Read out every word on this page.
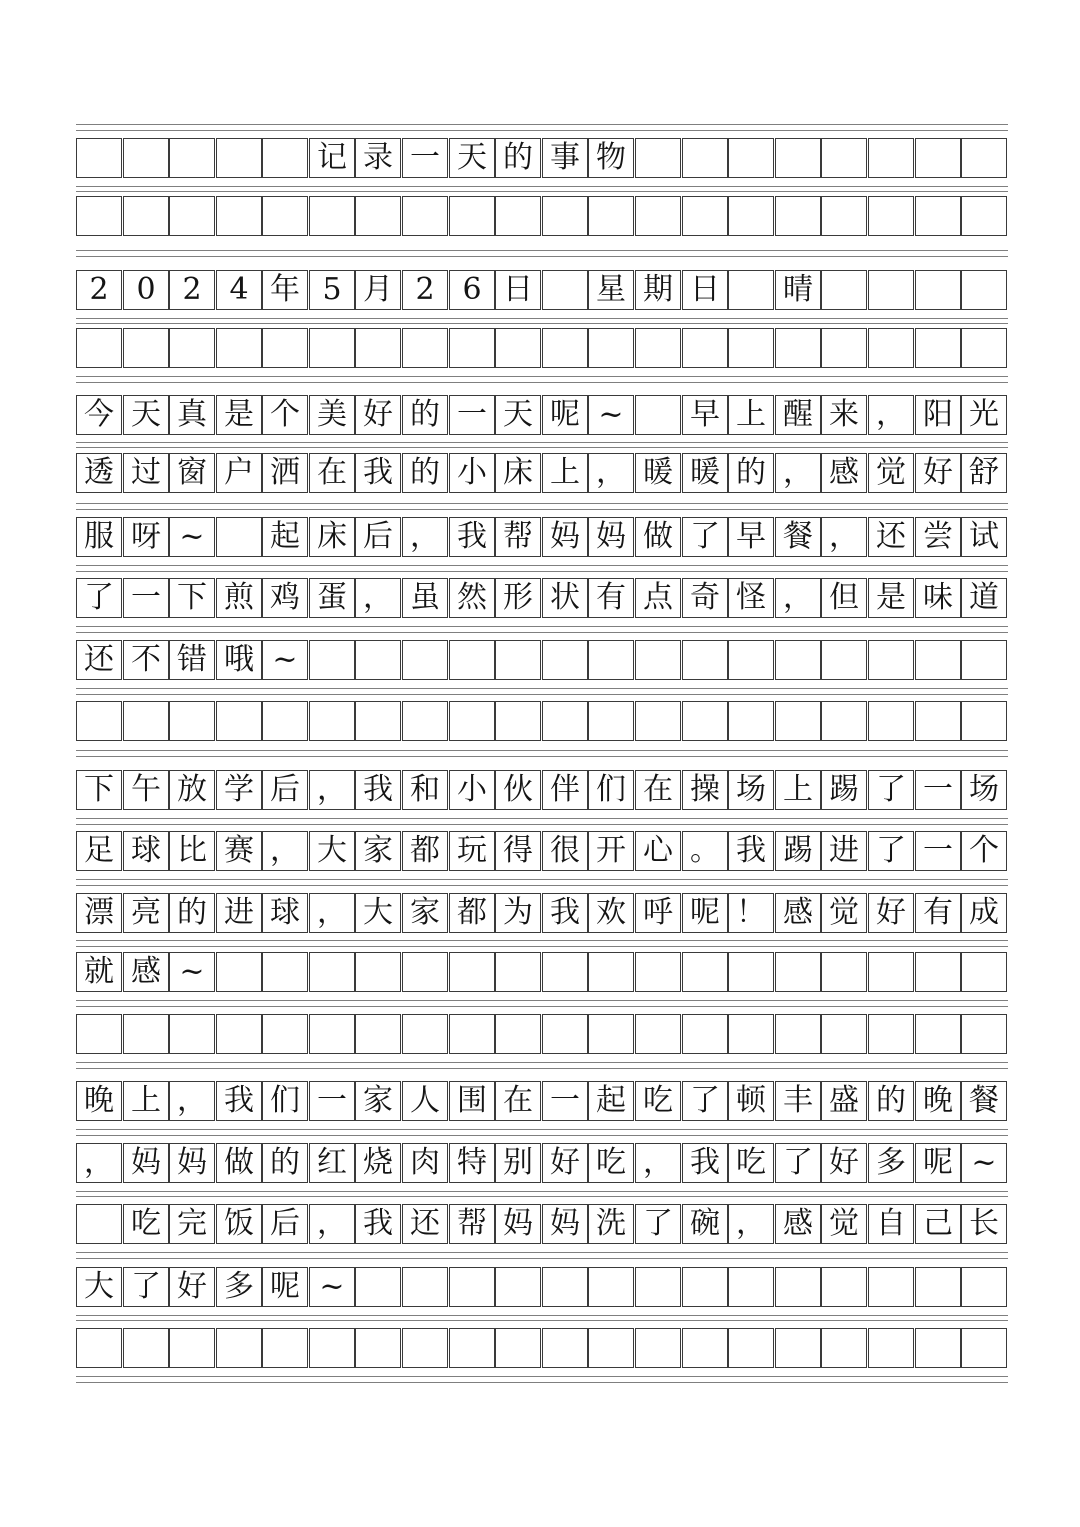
记 录 一 天 的 事 物
2 0 2 4 年 5 月 2 6 日
　 星 期 日
　 晴
今 天 真 是 个 美 好 的 一 天 呢 ~
　	早 上 醒 来 ， 阳 光
透 过 窗 户 洒 在 我 的 小 床 上 ， 暖 暖 的 ， 感 觉 好 舒
服 呀 ~
　	起 床 后 ， 我 帮 妈 妈 做 了 早 餐 ， 还 尝 试
了 一 下 煎 鸡 蛋 ， 虽 然 形 状 有 点 奇 怪 ， 但 是 味 道
还 不 错 哦 ~
下 午 放 学 后 ， 我 和 小 伙 伴 们 在 操 场 上 踢 了 一 场
足 球 比 赛 ， 大 家 都 玩 得 很 开 心 。 我 踢 进 了 一 个
漂 亮 的 进 球 ， 大 家 都 为 我 欢 呼 呢 ！ 感 觉 好 有 成
就 感 ~
晚 上 ， 我 们 一 家 人 围 在 一 起 吃 了 顿 丰 盛 的 晚 餐
， 妈 妈 做 的 红 烧 肉 特 别 好 吃 ， 我 吃 了 好 多 呢 ~

吃 完 饭 后 ， 我 还 帮 妈 妈 洗 了 碗 ， 感 觉 自 己 长
大 了 好 多 呢 ~
